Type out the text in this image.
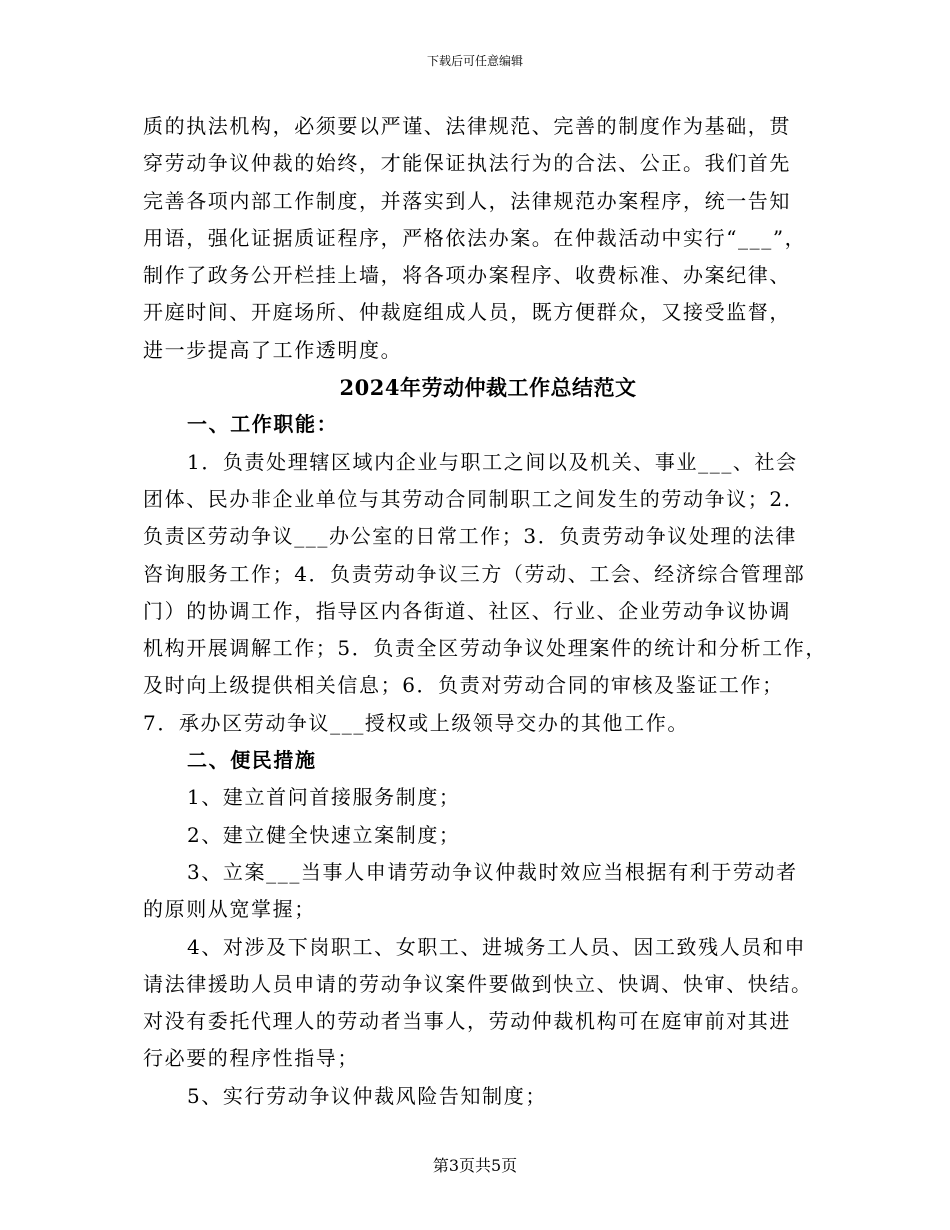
下载后可任意编辑
质的执法机构，必须要以严谨、法律规范、完善的制度作为基础，贯
穿劳动争议仲裁的始终，才能保证执法行为的合法、公正。我们首先
完善各项内部工作制度，并落实到人，法律规范办案程序，统一告知
用语，强化证据质证程序，严格依法办案。在仲裁活动中实行“___”，
制作了政务公开栏挂上墙，将各项办案程序、收费标准、办案纪律、
开庭时间、开庭场所、仲裁庭组成人员，既方便群众，又接受监督，
进一步提高了工作透明度。
2024年劳动仲裁工作总结范文
一、工作职能：
1．负责处理辖区域内企业与职工之间以及机关、事业___、社会
团体、民办非企业单位与其劳动合同制职工之间发生的劳动争议；2．
负责区劳动争议___办公室的日常工作；3．负责劳动争议处理的法律
咨询服务工作；4．负责劳动争议三方（劳动、工会、经济综合管理部
门）的协调工作，指导区内各街道、社区、行业、企业劳动争议协调
机构开展调解工作；5．负责全区劳动争议处理案件的统计和分析工作，
及时向上级提供相关信息；6．负责对劳动合同的审核及鉴证工作；
7．承办区劳动争议___授权或上级领导交办的其他工作。
二、便民措施
1、建立首问首接服务制度；
2、建立健全快速立案制度；
3、立案___当事人申请劳动争议仲裁时效应当根据有利于劳动者
的原则从宽掌握；
4、对涉及下岗职工、女职工、进城务工人员、因工致残人员和申
请法律援助人员申请的劳动争议案件要做到快立、快调、快审、快结。
对没有委托代理人的劳动者当事人，劳动仲裁机构可在庭审前对其进
行必要的程序性指导；
5、实行劳动争议仲裁风险告知制度；
第3页共5页
